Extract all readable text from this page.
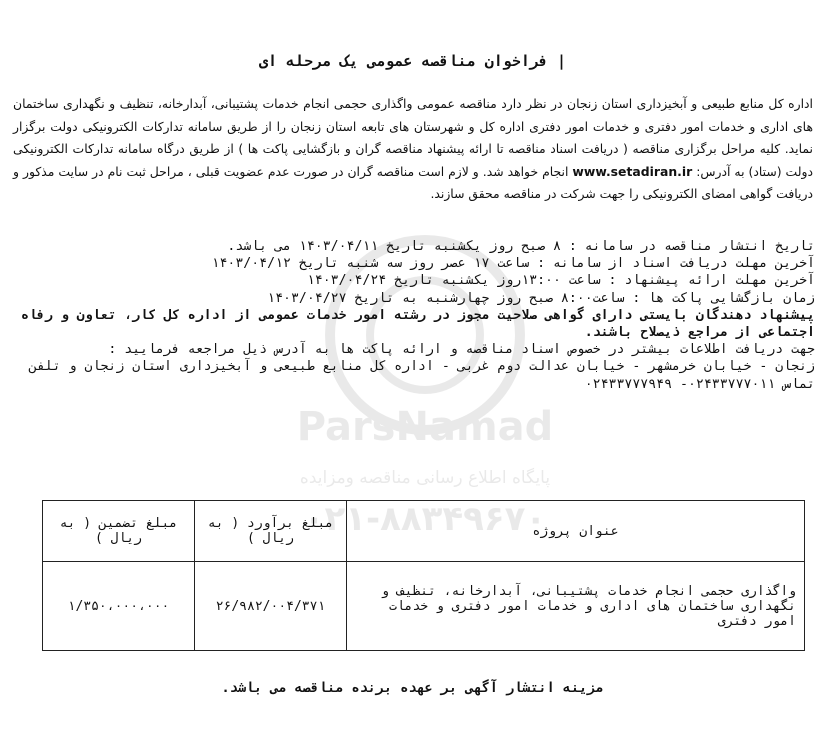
ParsNamad
پایگاه اطلاع رسانی مناقصه ومزایده
۰۲۱-۸۸۳۴۹۶۷۰
| فراخوان مناقصه عمومی یک مرحله ای
اداره کل منابع طبیعی و آبخیزداری استان زنجان در نظر دارد مناقصه عمومی واگذاری حجمی انجام خدمات پشتیبانی، آبدارخانه، تنظیف و نگهداری ساختمان های اداری و خدمات امور دفتری و خدمات امور دفتری اداره کل و شهرستان های تابعه استان زنجان را از طریق سامانه تدارکات الکترونیکی دولت برگزار نماید. کلیه مراحل برگزاری مناقصه ( دریافت اسناد مناقصه تا ارائه پیشنهاد مناقصه گران و بازگشایی پاکت ها ) از طریق درگاه سامانه تدارکات الکترونیکی دولت (ستاد) به آدرس: www.setadiran.ir انجام خواهد شد. و لازم است مناقصه گران در صورت عدم عضویت قبلی ، مراحل ثبت نام در سایت مذکور و دریافت گواهی امضای الکترونیکی را جهت شرکت در مناقصه محقق سازند.

تاریخ انتشار مناقصه در سامانه : ۸ صبح روز یکشنبه تاریخ ۱۴۰۳/۰۴/۱۱ می باشد.

آخرین مهلت دریافت اسناد از سامانه : ساعت ۱۷ عصر روز سه شنبه تاریخ ۱۴۰۳/۰۴/۱۲

آخرین مهلت ارائه پیشنهاد : ساعت ۱۳:۰۰روز یکشنبه تاریخ ۱۴۰۳/۰۴/۲۴

زمان بازگشایی پاکت ها : ساعت۸:۰۰ صبح روز چهارشنبه به تاریخ ۱۴۰۳/۰۴/۲۷

پیشنهاد دهندگان بایستی دارای گواهی صلاحیت مجوز در رشته امور خدمات عمومی از اداره کل کار، تعاون و رفاه اجتماعی از مراجع ذیصلاح باشند.

جهت دریافت اطلاعات بیشتر در خصوص اسناد مناقصه و ارائه پاکت ها به آدرس ذیل مراجعه فرمایید :

زنجان - خیابان خرمشهر - خیابان عدالت دوم غربی - اداره کل منابع طبیعی و آبخیزداری استان زنجان و تلفن تماس ۰۲۴۳۳۷۷۷۰۱۱- ۰۲۴۳۳۷۷۷۹۴۹

عنوان پروژه	مبلغ برآورد ( به ریال )	مبلغ تضمین ( به ریال )
واگذاری حجمی انجام خدمات پشتیبانی، آبدارخانه، تنظیف و نگهداری ساختمان های اداری و خدمات امور دفتری و خدمات امور دفتری	۲۶/۹۸۲/۰۰۴/۳۷۱	۱/۳۵۰،۰۰۰،۰۰۰
مزینه انتشار آگهی بر عهده برنده مناقصه می باشد.
